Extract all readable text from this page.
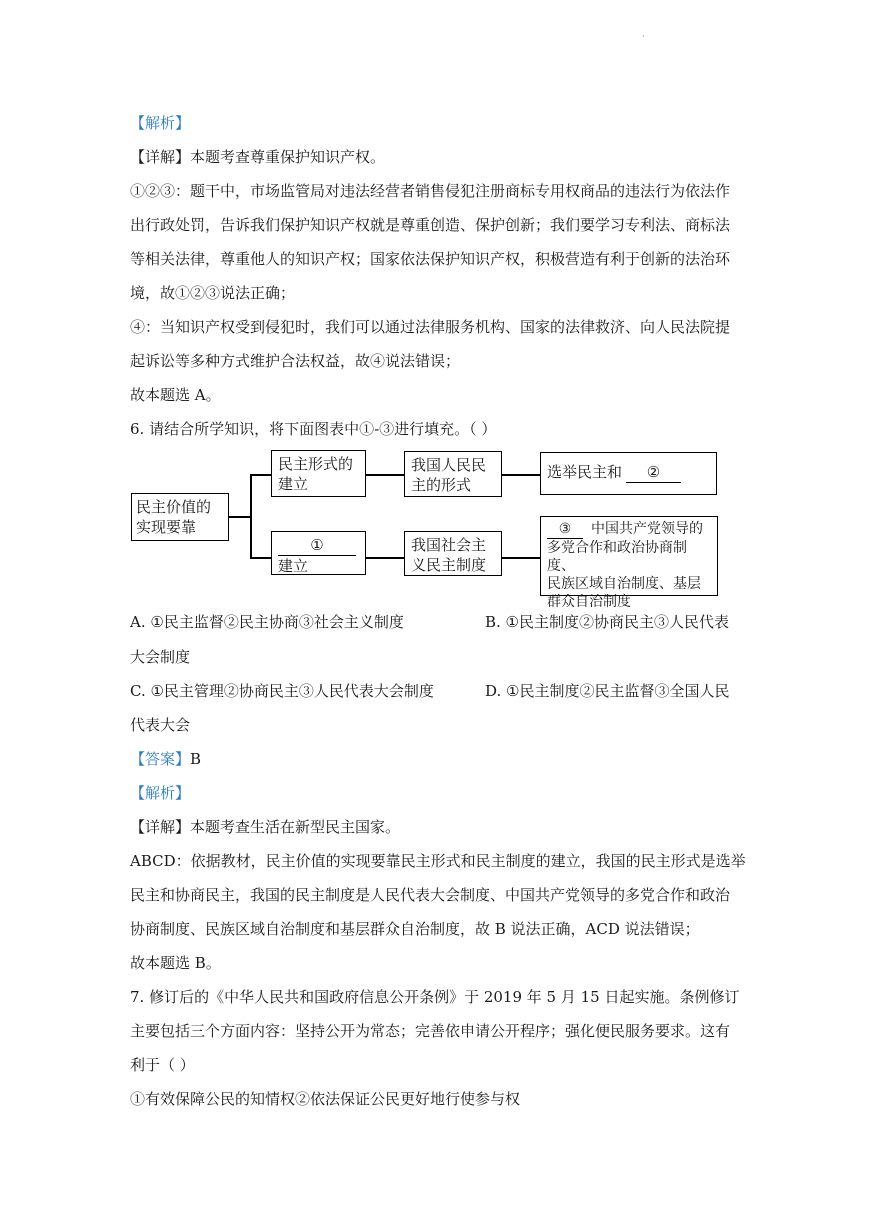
·
【解析】
【详解】本题考查尊重保护知识产权。
①②③：题干中，市场监管局对违法经营者销售侵犯注册商标专用权商品的违法行为依法作
出行政处罚，告诉我们保护知识产权就是尊重创造、保护创新；我们要学习专利法、商标法
等相关法律，尊重他人的知识产权；国家依法保护知识产权，积极营造有利于创新的法治环
境，故①②③说法正确；
④：当知识产权受到侵犯时，我们可以通过法律服务机构、国家的法律救济、向人民法院提
起诉讼等多种方式维护合法权益，故④说法错误；
故本题选 A。
6. 请结合所学知识，将下面图表中①-③进行填充。（ ）
民主价值的
实现要靠
民主形式的
建立
我国人民民
主的形式
选举民主和 ②
①
建立
我国社会主
义民主制度
③ 中国共产党领导的
多党合作和政治协商制度、
民族区域自治制度、基层
群众自治制度
A. ①民主监督②民主协商③社会主义制度	B. ①民主制度②协商民主③人民代表
大会制度
C. ①民主管理②协商民主③人民代表大会制度	D. ①民主制度②民主监督③全国人民
代表大会
【答案】B
【解析】
【详解】本题考查生活在新型民主国家。
ABCD：依据教材，民主价值的实现要靠民主形式和民主制度的建立，我国的民主形式是选举
民主和协商民主，我国的民主制度是人民代表大会制度、中国共产党领导的多党合作和政治
协商制度、民族区域自治制度和基层群众自治制度，故 B 说法正确，ACD 说法错误；
故本题选 B。
7. 修订后的《中华人民共和国政府信息公开条例》于 2019 年 5 月 15 日起实施。条例修订
主要包括三个方面内容：坚持公开为常态；完善依申请公开程序；强化便民服务要求。这有
利于（ ）
①有效保障公民的知情权②依法保证公民更好地行使参与权
